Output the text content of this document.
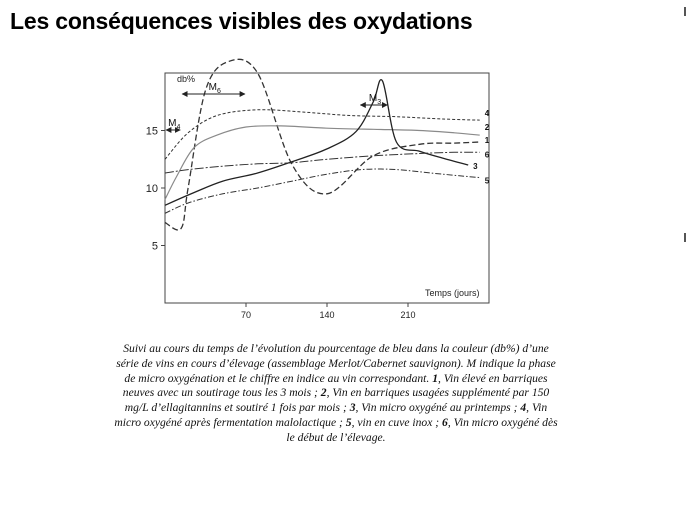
Les conséquences visibles des oxydations
70	140	210
5
10
15
$M_4$
$M_6$
$M_3$
1
2
3
4
5
6
db%
Temps (jours)

Suivi au cours du temps de l’évolution du pourcentage de bleu dans la couleur (db%) d’une série de vins en cours d’élevage (assemblage Merlot/Cabernet sauvignon). M indique la phase de micro oxygénation et le chiffre en indice au vin correspondant. 1, Vin élevé en barriques neuves avec un soutirage tous les 3 mois ; 2, Vin en barriques usagées supplémenté par 150 mg/L d’ellagitannins et soutiré 1 fois par mois ; 3, Vin micro oxygéné au printemps ; 4, Vin micro oxygéné après fermentation malolactique ; 5, vin en cuve inox ; 6, Vin micro oxygéné dès le début de l’élevage.
